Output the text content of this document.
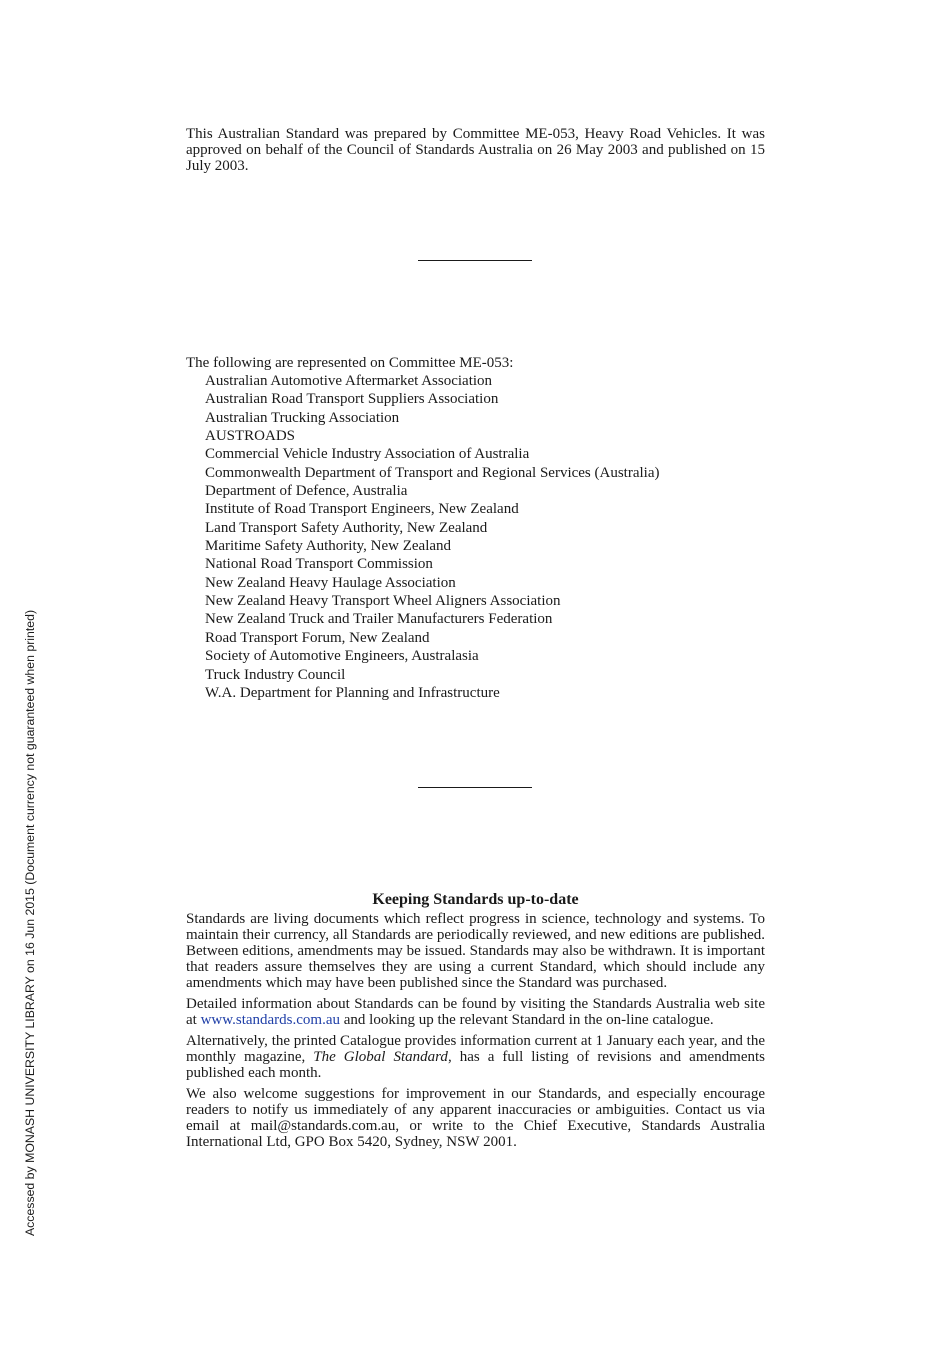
Accessed by MONASH UNIVERSITY LIBRARY on 16 Jun 2015 (Document currency not guaranteed when printed)

This Australian Standard was prepared by Committee ME-053, Heavy Road Vehicles. It was approved on behalf of the Council of Standards Australia on 26 May 2003 and published on 15 July 2003.

The following are represented on Committee ME-053:
Australian Automotive Aftermarket Association
Australian Road Transport Suppliers Association
Australian Trucking Association
AUSTROADS
Commercial Vehicle Industry Association of Australia
Commonwealth Department of Transport and Regional Services (Australia)
Department of Defence, Australia
Institute of Road Transport Engineers, New Zealand
Land Transport Safety Authority, New Zealand
Maritime Safety Authority, New Zealand
National Road Transport Commission
New Zealand Heavy Haulage Association
New Zealand Heavy Transport Wheel Aligners Association
New Zealand Truck and Trailer Manufacturers Federation
Road Transport Forum, New Zealand
Society of Automotive Engineers, Australasia
Truck Industry Council
W.A. Department for Planning and Infrastructure
Keeping Standards up-to-date

Standards are living documents which reflect progress in science, technology and systems. To maintain their currency, all Standards are periodically reviewed, and new editions are published. Between editions, amendments may be issued. Standards may also be withdrawn. It is important that readers assure themselves they are using a current Standard, which should include any amendments which may have been published since the Standard was purchased.

Detailed information about Standards can be found by visiting the Standards Australia web site at www.standards.com.au and looking up the relevant Standard in the on-line catalogue.

Alternatively, the printed Catalogue provides information current at 1 January each year, and the monthly magazine, The Global Standard, has a full listing of revisions and amendments published each month.

We also welcome suggestions for improvement in our Standards, and especially encourage readers to notify us immediately of any apparent inaccuracies or ambiguities. Contact us via email at mail@standards.com.au, or write to the Chief Executive, Standards Australia International Ltd, GPO Box 5420, Sydney, NSW 2001.
